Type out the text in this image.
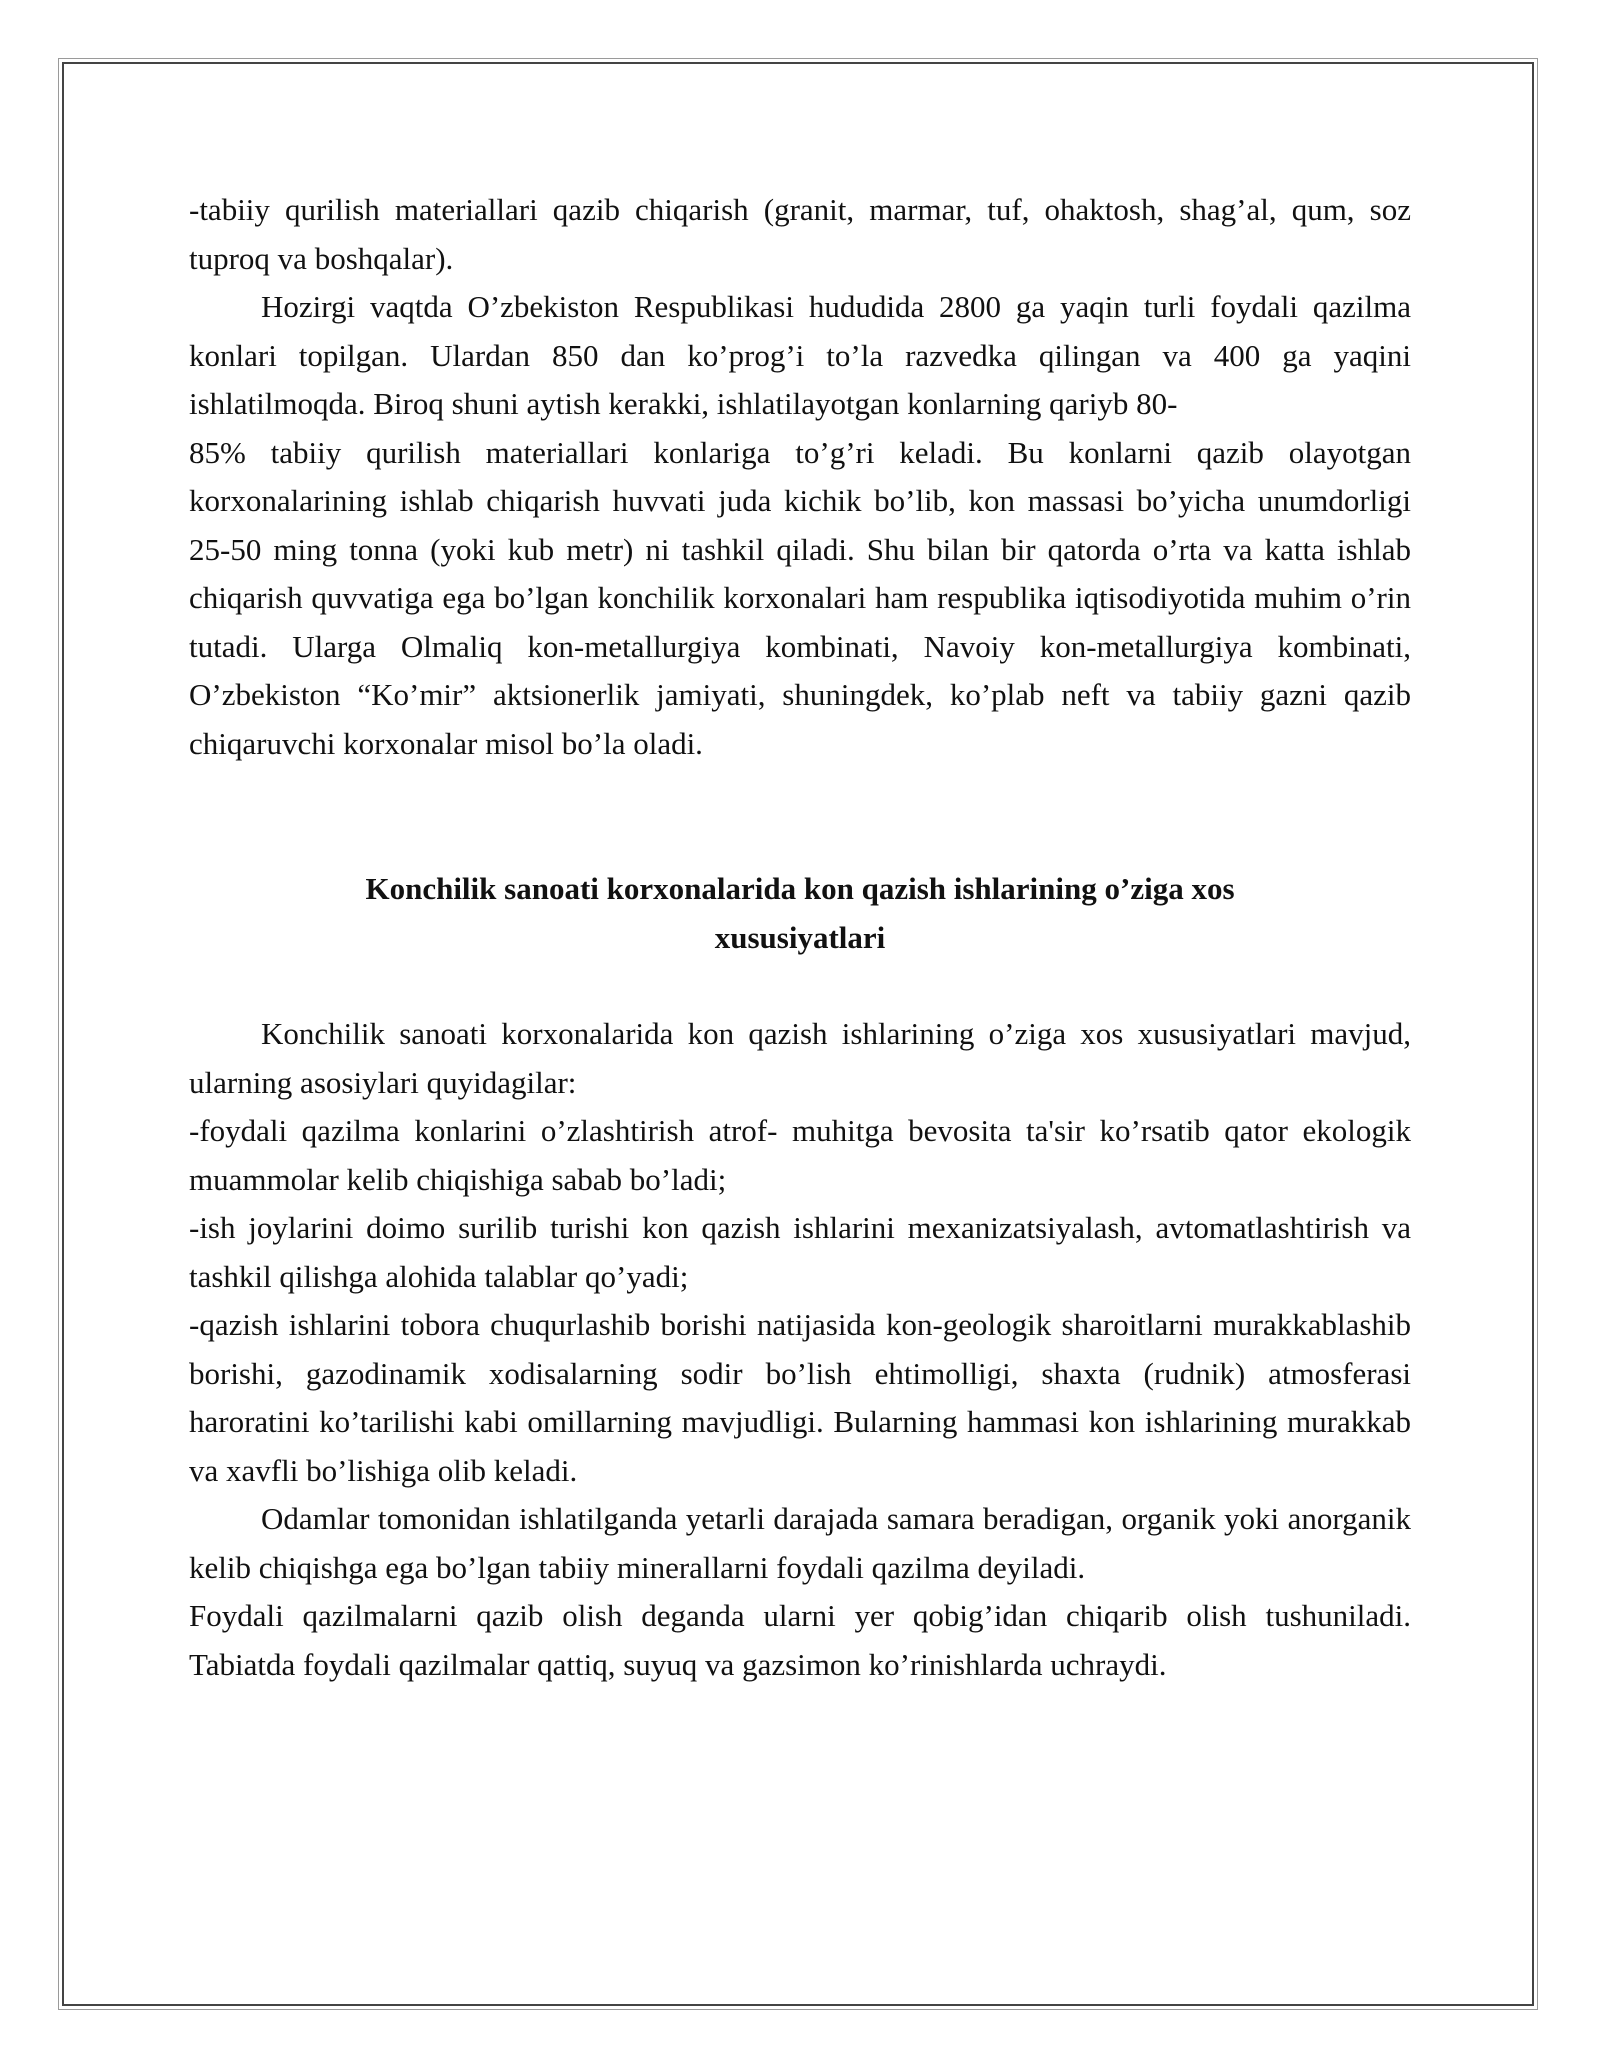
-tabiiy qurilish materiallari qazib chiqarish (granit, marmar, tuf, ohaktosh, shag’al, qum, soz tuproq va boshqalar).

Hozirgi vaqtda O’zbekiston Respublikasi hududida 2800 ga yaqin turli foydali qazilma konlari topilgan. Ulardan 850 dan ko’prog’i to’la razvedka qilingan va 400 ga yaqini ishlatilmoqda. Biroq shuni aytish kerakki, ishlatilayotgan konlarning qariyb 80-

85% tabiiy qurilish materiallari konlariga to’g’ri keladi. Bu konlarni qazib olayotgan korxonalarining ishlab chiqarish huvvati juda kichik bo’lib, kon massasi bo’yicha unumdorligi 25-50 ming tonna (yoki kub metr) ni tashkil qiladi. Shu bilan bir qatorda o’rta va katta ishlab chiqarish quvvatiga ega bo’lgan konchilik korxonalari ham respublika iqtisodiyotida muhim o’rin tutadi. Ularga Olmaliq kon-metallurgiya kombinati, Navoiy kon-metallurgiya kombinati, O’zbekiston “Ko’mir” aktsionerlik jamiyati, shuningdek, ko’plab neft va tabiiy gazni qazib chiqaruvchi korxonalar misol bo’la oladi.

Konchilik sanoati korxonalarida kon qazish ishlarining o’ziga xos
xususiyatlari

Konchilik sanoati korxonalarida kon qazish ishlarining o’ziga xos xususiyatlari mavjud, ularning asosiylari quyidagilar:

-foydali qazilma konlarini o’zlashtirish atrof- muhitga bevosita ta'sir ko’rsatib qator ekologik muammolar kelib chiqishiga sabab bo’ladi;

-ish joylarini doimo surilib turishi kon qazish ishlarini mexanizatsiyalash, avtomatlashtirish va tashkil qilishga alohida talablar qo’yadi;

-qazish ishlarini tobora chuqurlashib borishi natijasida kon-geologik sharoitlarni murakkablashib borishi, gazodinamik xodisalarning sodir bo’lish ehtimolligi, shaxta (rudnik) atmosferasi haroratini ko’tarilishi kabi omillarning mavjudligi. Bularning hammasi kon ishlarining murakkab va xavfli bo’lishiga olib keladi.

Odamlar tomonidan ishlatilganda yetarli darajada samara beradigan, organik yoki anorganik kelib chiqishga ega bo’lgan tabiiy minerallarni foydali qazilma deyiladi.

Foydali qazilmalarni qazib olish deganda ularni yer qobig’idan chiqarib olish tushuniladi. Tabiatda foydali qazilmalar qattiq, suyuq va gazsimon ko’rinishlarda uchraydi.
